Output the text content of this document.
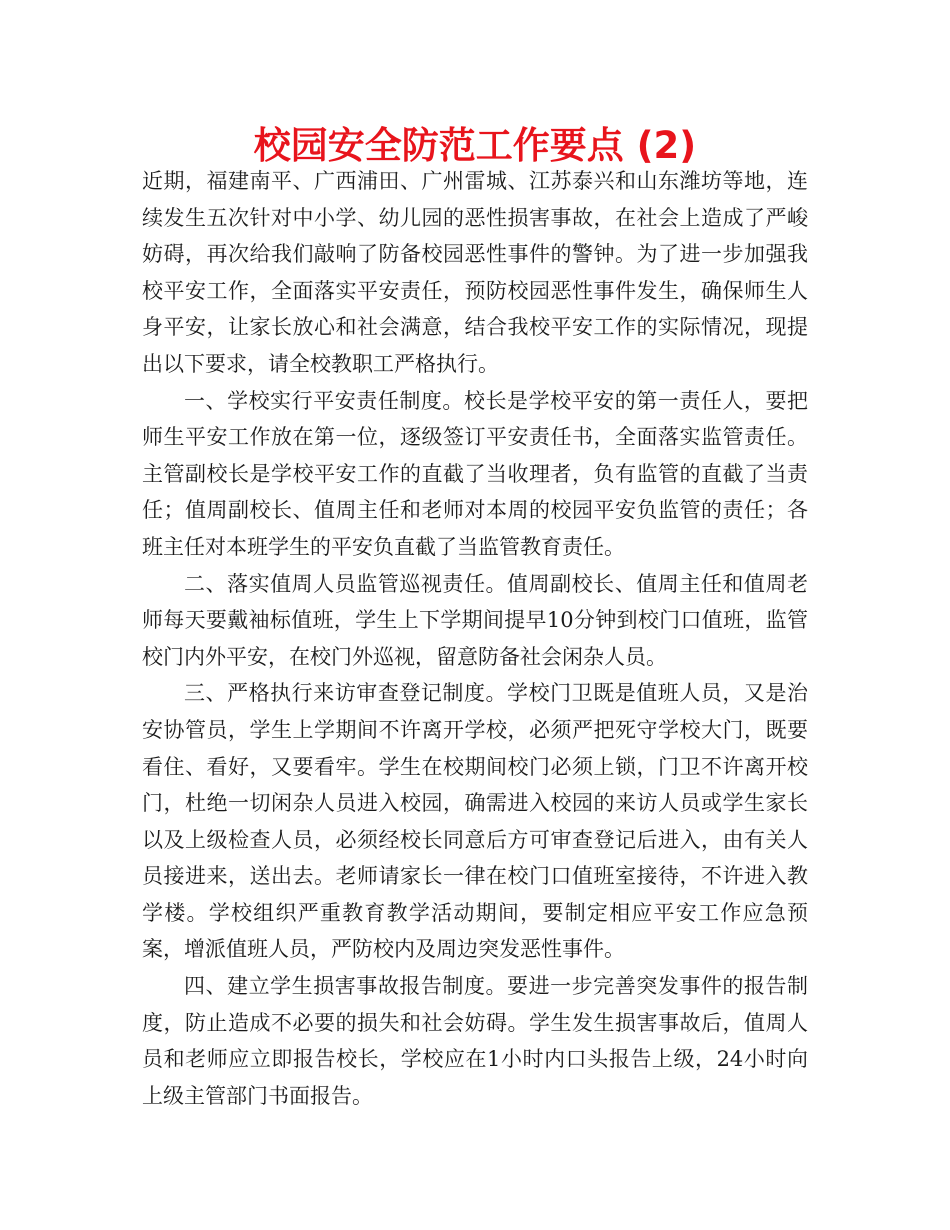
校园安全防范工作要点 (2)

近期，福建南平、广西浦田、广州雷城、江苏泰兴和山东潍坊等地，连续发生五次针对中小学、幼儿园的恶性损害事故，在社会上造成了严峻妨碍，再次给我们敲响了防备校园恶性事件的警钟。为了进一步加强我校平安工作，全面落实平安责任，预防校园恶性事件发生，确保师生人身平安，让家长放心和社会满意，结合我校平安工作的实际情况，现提出以下要求，请全校教职工严格执行。

一、学校实行平安责任制度。校长是学校平安的第一责任人，要把师生平安工作放在第一位，逐级签订平安责任书，全面落实监管责任。主管副校长是学校平安工作的直截了当收理者，负有监管的直截了当责任；值周副校长、值周主任和老师对本周的校园平安负监管的责任；各班主任对本班学生的平安负直截了当监管教育责任。

二、落实值周人员监管巡视责任。值周副校长、值周主任和值周老师每天要戴袖标值班，学生上下学期间提早10分钟到校门口值班，监管校门内外平安，在校门外巡视，留意防备社会闲杂人员。

三、严格执行来访审查登记制度。学校门卫既是值班人员，又是治安协管员，学生上学期间不许离开学校，必须严把死守学校大门，既要看住、看好，又要看牢。学生在校期间校门必须上锁，门卫不许离开校门，杜绝一切闲杂人员进入校园，确需进入校园的来访人员或学生家长以及上级检查人员，必须经校长同意后方可审查登记后进入，由有关人员接进来，送出去。老师请家长一律在校门口值班室接待，不许进入教学楼。学校组织严重教育教学活动期间，要制定相应平安工作应急预案，增派值班人员，严防校内及周边突发恶性事件。

四、建立学生损害事故报告制度。要进一步完善突发事件的报告制度，防止造成不必要的损失和社会妨碍。学生发生损害事故后，值周人员和老师应立即报告校长，学校应在1小时内口头报告上级，24小时向上级主管部门书面报告。
